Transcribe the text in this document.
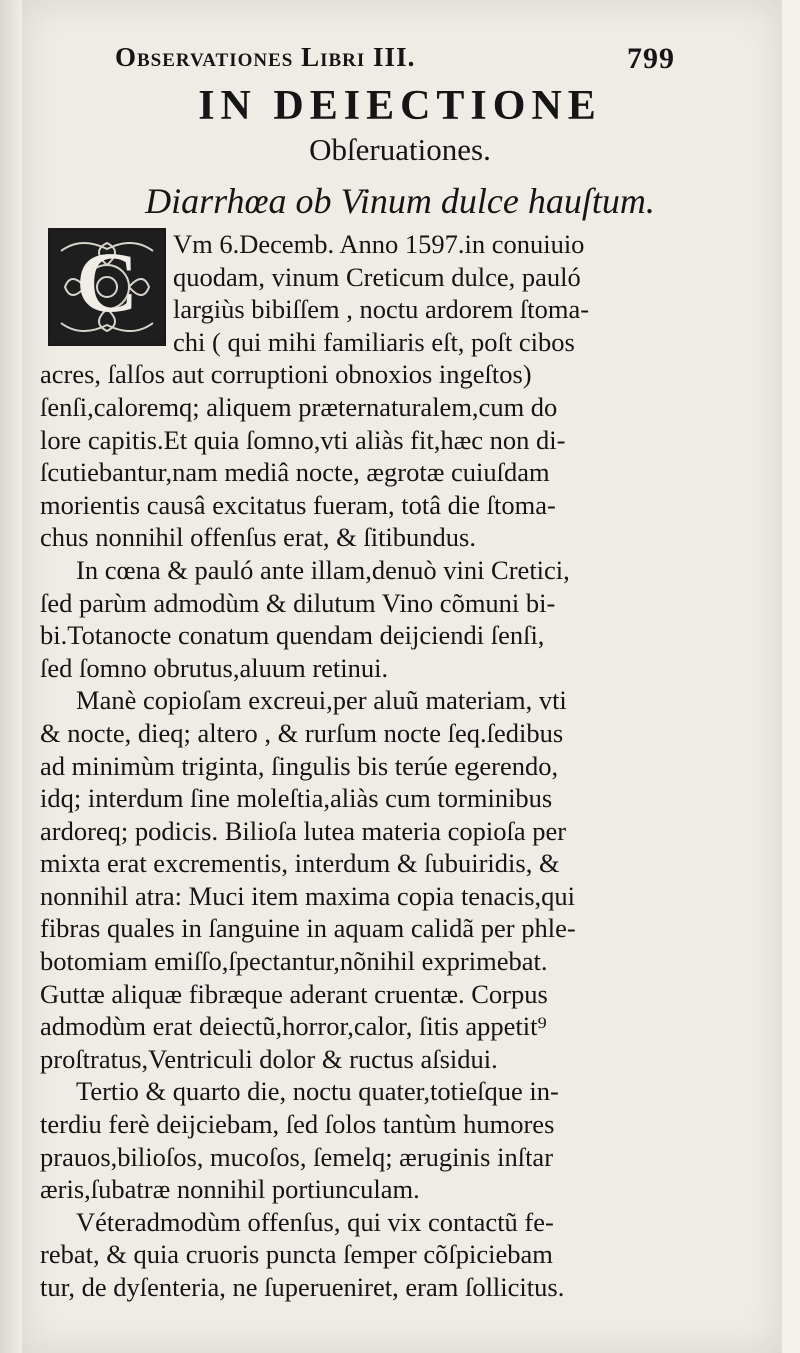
Observationes Libri III.	799
IN DEIECTIONE
Obſeruationes.
Diarrhœa ob Vinum dulce hauſtum.
C	Vm 6.Decemb. Anno 1597.in conuiuio
quodam, vinum Creticum dulce, pauló
largiùs bibiſſem , noctu ardorem ſtoma-
chi ( qui mihi familiaris eſt, poſt cibos
acres, ſalſos aut corruptioni obnoxios ingeſtos)
ſenſi,caloremq; aliquem præternaturalem,cum do
lore capitis.Et quia ſomno,vti aliàs fit,hæc non di-
ſcutiebantur,nam mediâ nocte, ægrotæ cuiuſdam
morientis causâ excitatus fueram, totâ die ſtoma-
chus nonnihil offenſus erat, & ſitibundus.
In cœna & pauló ante illam,denuò vini Cretici,
ſed parùm admodùm & dilutum Vino cõmuni bi-
bi.Totanocte conatum quendam deijciendi ſenſi,
ſed ſomno obrutus,aluum retinui.
Manè copioſam excreui,per aluũ materiam, vti
& nocte, dieq; altero , & rurſum nocte ſeq.ſedibus
ad minimùm triginta, ſingulis bis terúe egerendo,
idq; interdum ſine moleſtia,aliàs cum torminibus
ardoreq; podicis. Bilioſa lutea materia copioſa per
mixta erat excrementis, interdum & ſubuiridis, &
nonnihil atra: Muci item maxima copia tenacis,qui
fibras quales in ſanguine in aquam calidã per phle-
botomiam emiſſo,ſpectantur,nõnihil exprimebat.
Guttæ aliquæ fibræque aderant cruentæ. Corpus
admodùm erat deiectũ,horror,calor, ſitis appetit⁹
proſtratus,Ventriculi dolor & ructus aſsidui.
Tertio & quarto die, noctu quater,totieſque in-
terdiu ferè deijciebam, ſed ſolos tantùm humores
prauos,bilioſos, mucoſos, ſemelq; æruginis inſtar
æris,ſubatræ nonnihil portiunculam.
Véteradmodùm offenſus, qui vix contactũ fe-
rebat, & quia cruoris puncta ſemper cõſpiciebam
tur, de dyſenteria, ne ſuperueniret, eram ſollicitus.
